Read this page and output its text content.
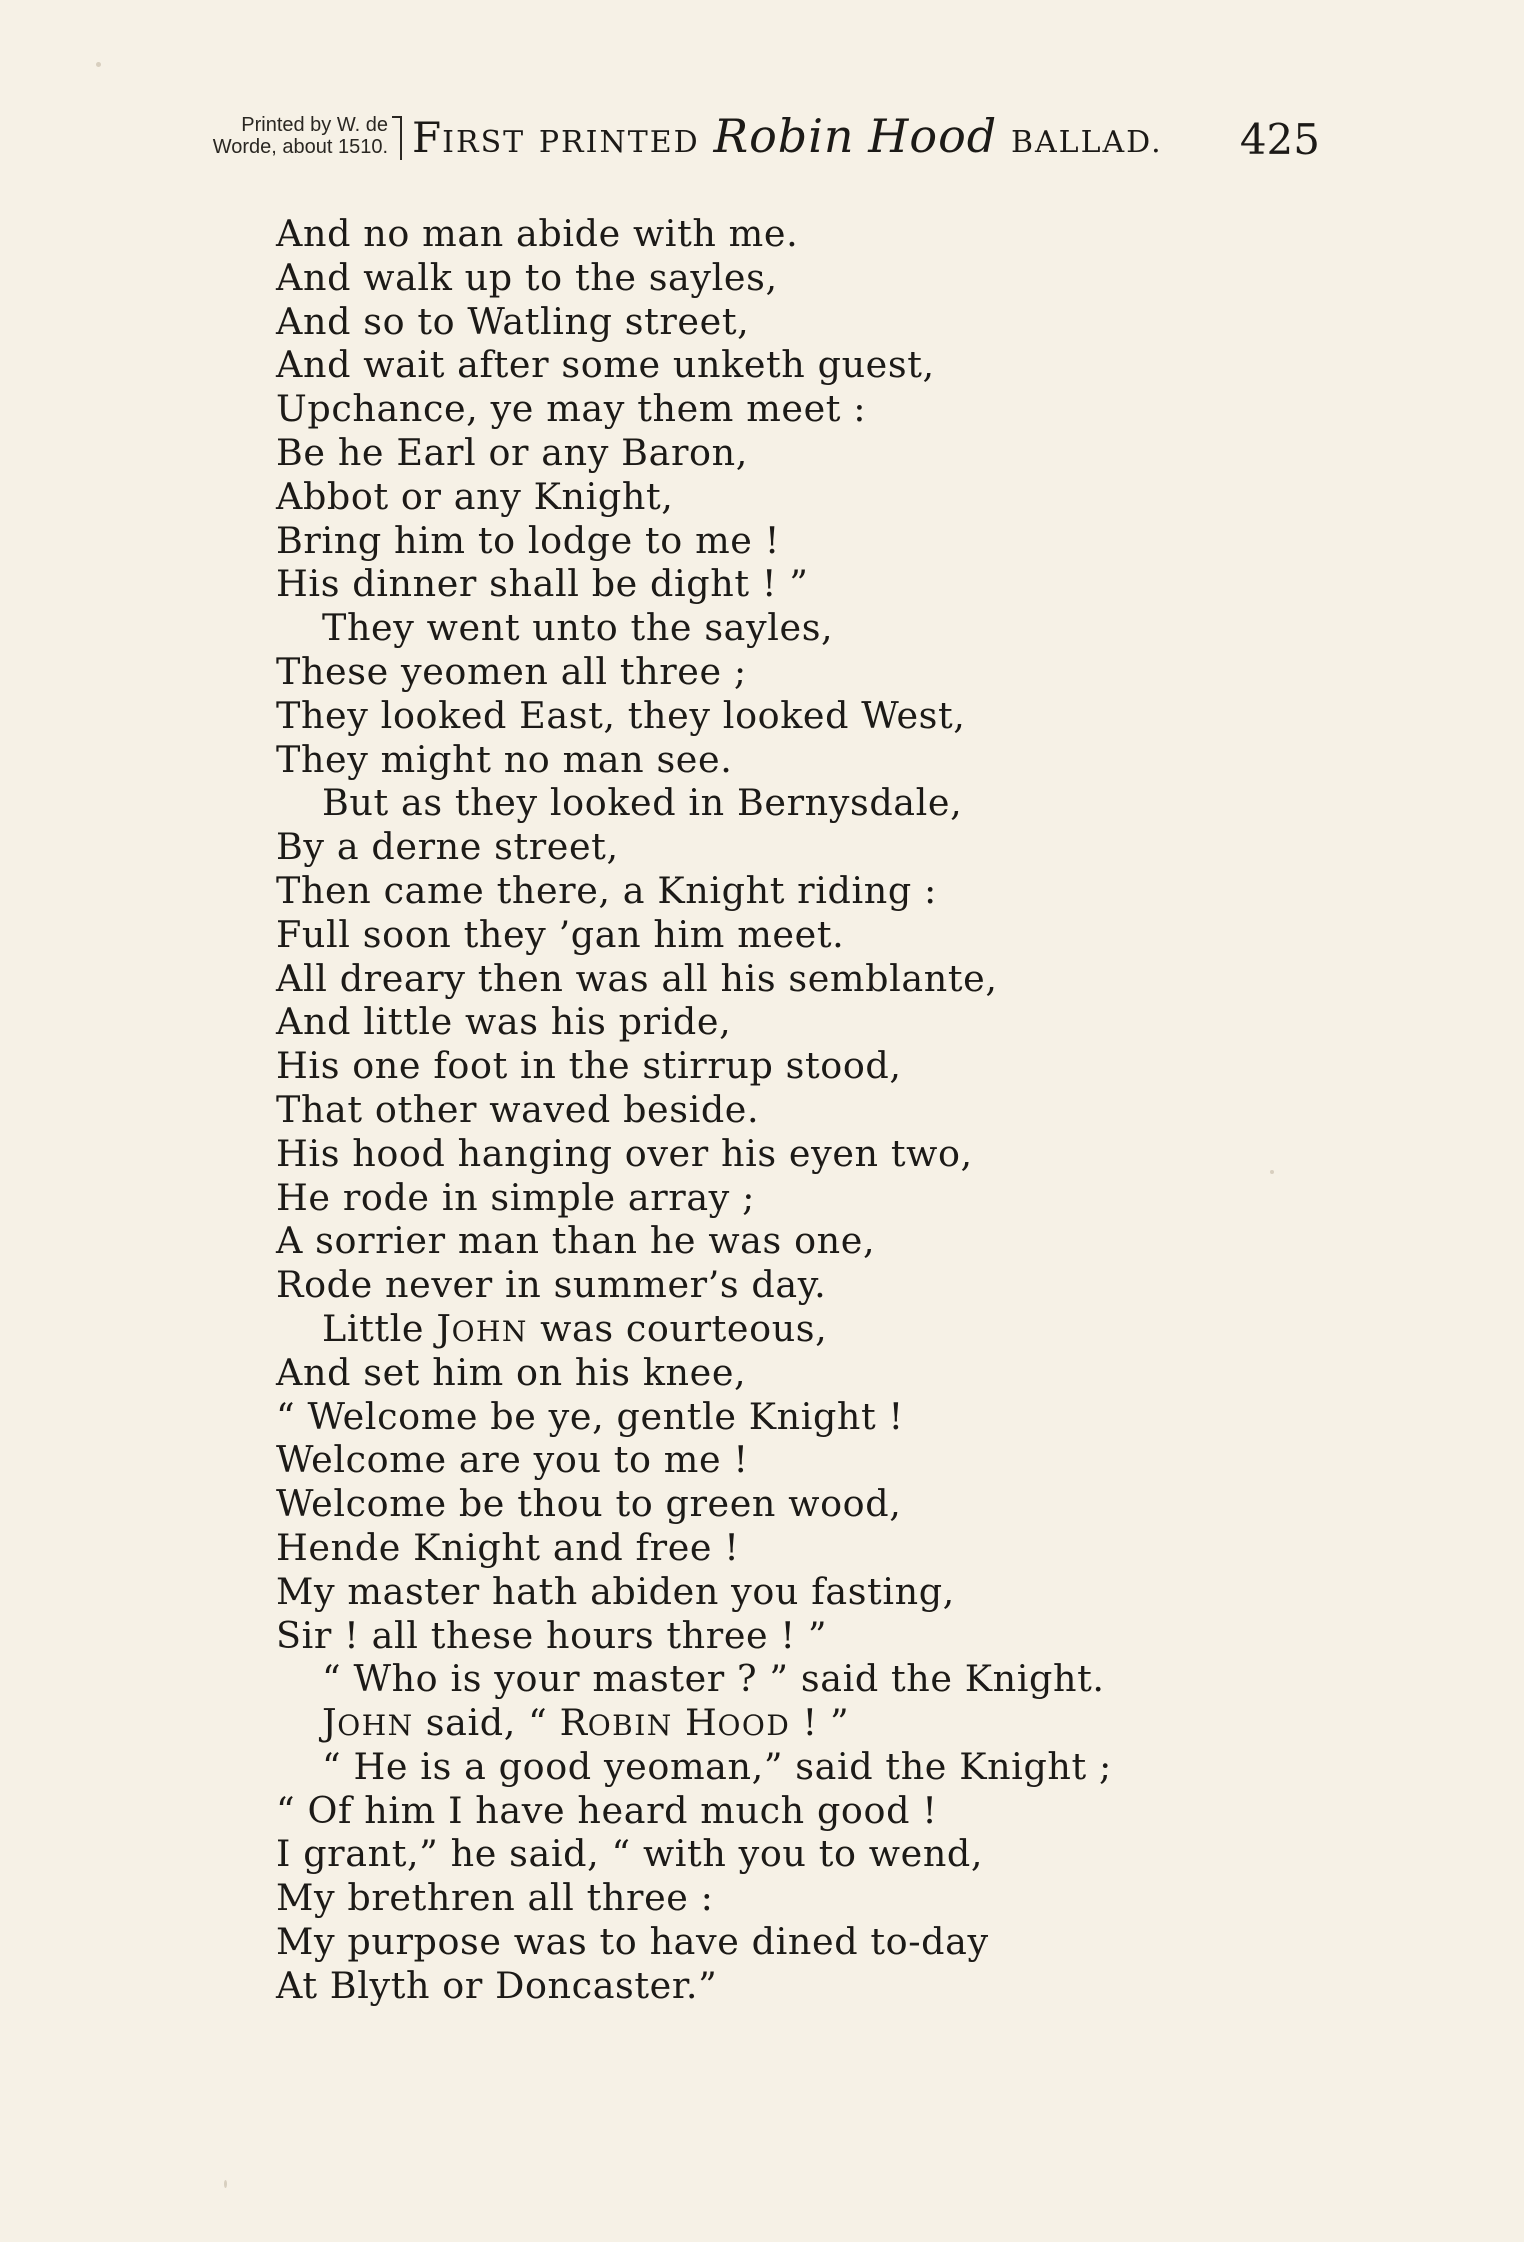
Printed by W. de
Worde, about 1510. FIRST PRINTED Robin Hood BALLAD. 425
And no man abide with me.
And walk up to the sayles,
And so to Watling street,
And wait after some unketh guest,
Upchance, ye may them meet :
Be he Earl or any Baron,
Abbot or any Knight,
Bring him to lodge to me !
His dinner shall be dight ! ”
They went unto the sayles,
These yeomen all three ;
They looked East, they looked West,
They might no man see.
But as they looked in Bernysdale,
By a derne street,
Then came there, a Knight riding :
Full soon they ’gan him meet.
All dreary then was all his semblante,
And little was his pride,
His one foot in the stirrup stood,
That other waved beside.
His hood hanging over his eyen two,
He rode in simple array ;
A sorrier man than he was one,
Rode never in summer’s day.
Little JOHN was courteous,
And set him on his knee,
“ Welcome be ye, gentle Knight !
Welcome are you to me !
Welcome be thou to green wood,
Hende Knight and free !
My master hath abiden you fasting,
Sir ! all these hours three ! ”
“ Who is your master ? ” said the Knight.
JOHN said, “ ROBIN HOOD ! ”
“ He is a good yeoman,” said the Knight ;
“ Of him I have heard much good !
I grant,” he said, “ with you to wend,
My brethren all three :
My purpose was to have dined to-day
At Blyth or Doncaster.”
